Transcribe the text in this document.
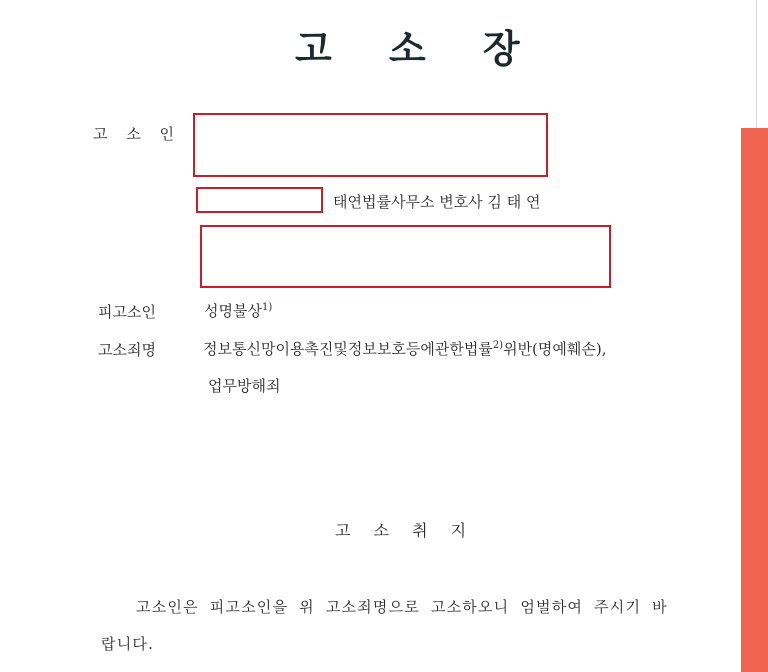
고 소 장
고 소 인
태연법률사무소 변호사 김 태 연
피고소인	성명불상$^{1)}$
고소죄명	정보통신망이용촉진및정보보호등에관한법률$^{2)}$위반(명예훼손),
업무방해죄
고 소 취 지
고소인은 피고소인을 위 고소죄명으로 고소하오니 엄벌하여 주시기 바
랍니다.
